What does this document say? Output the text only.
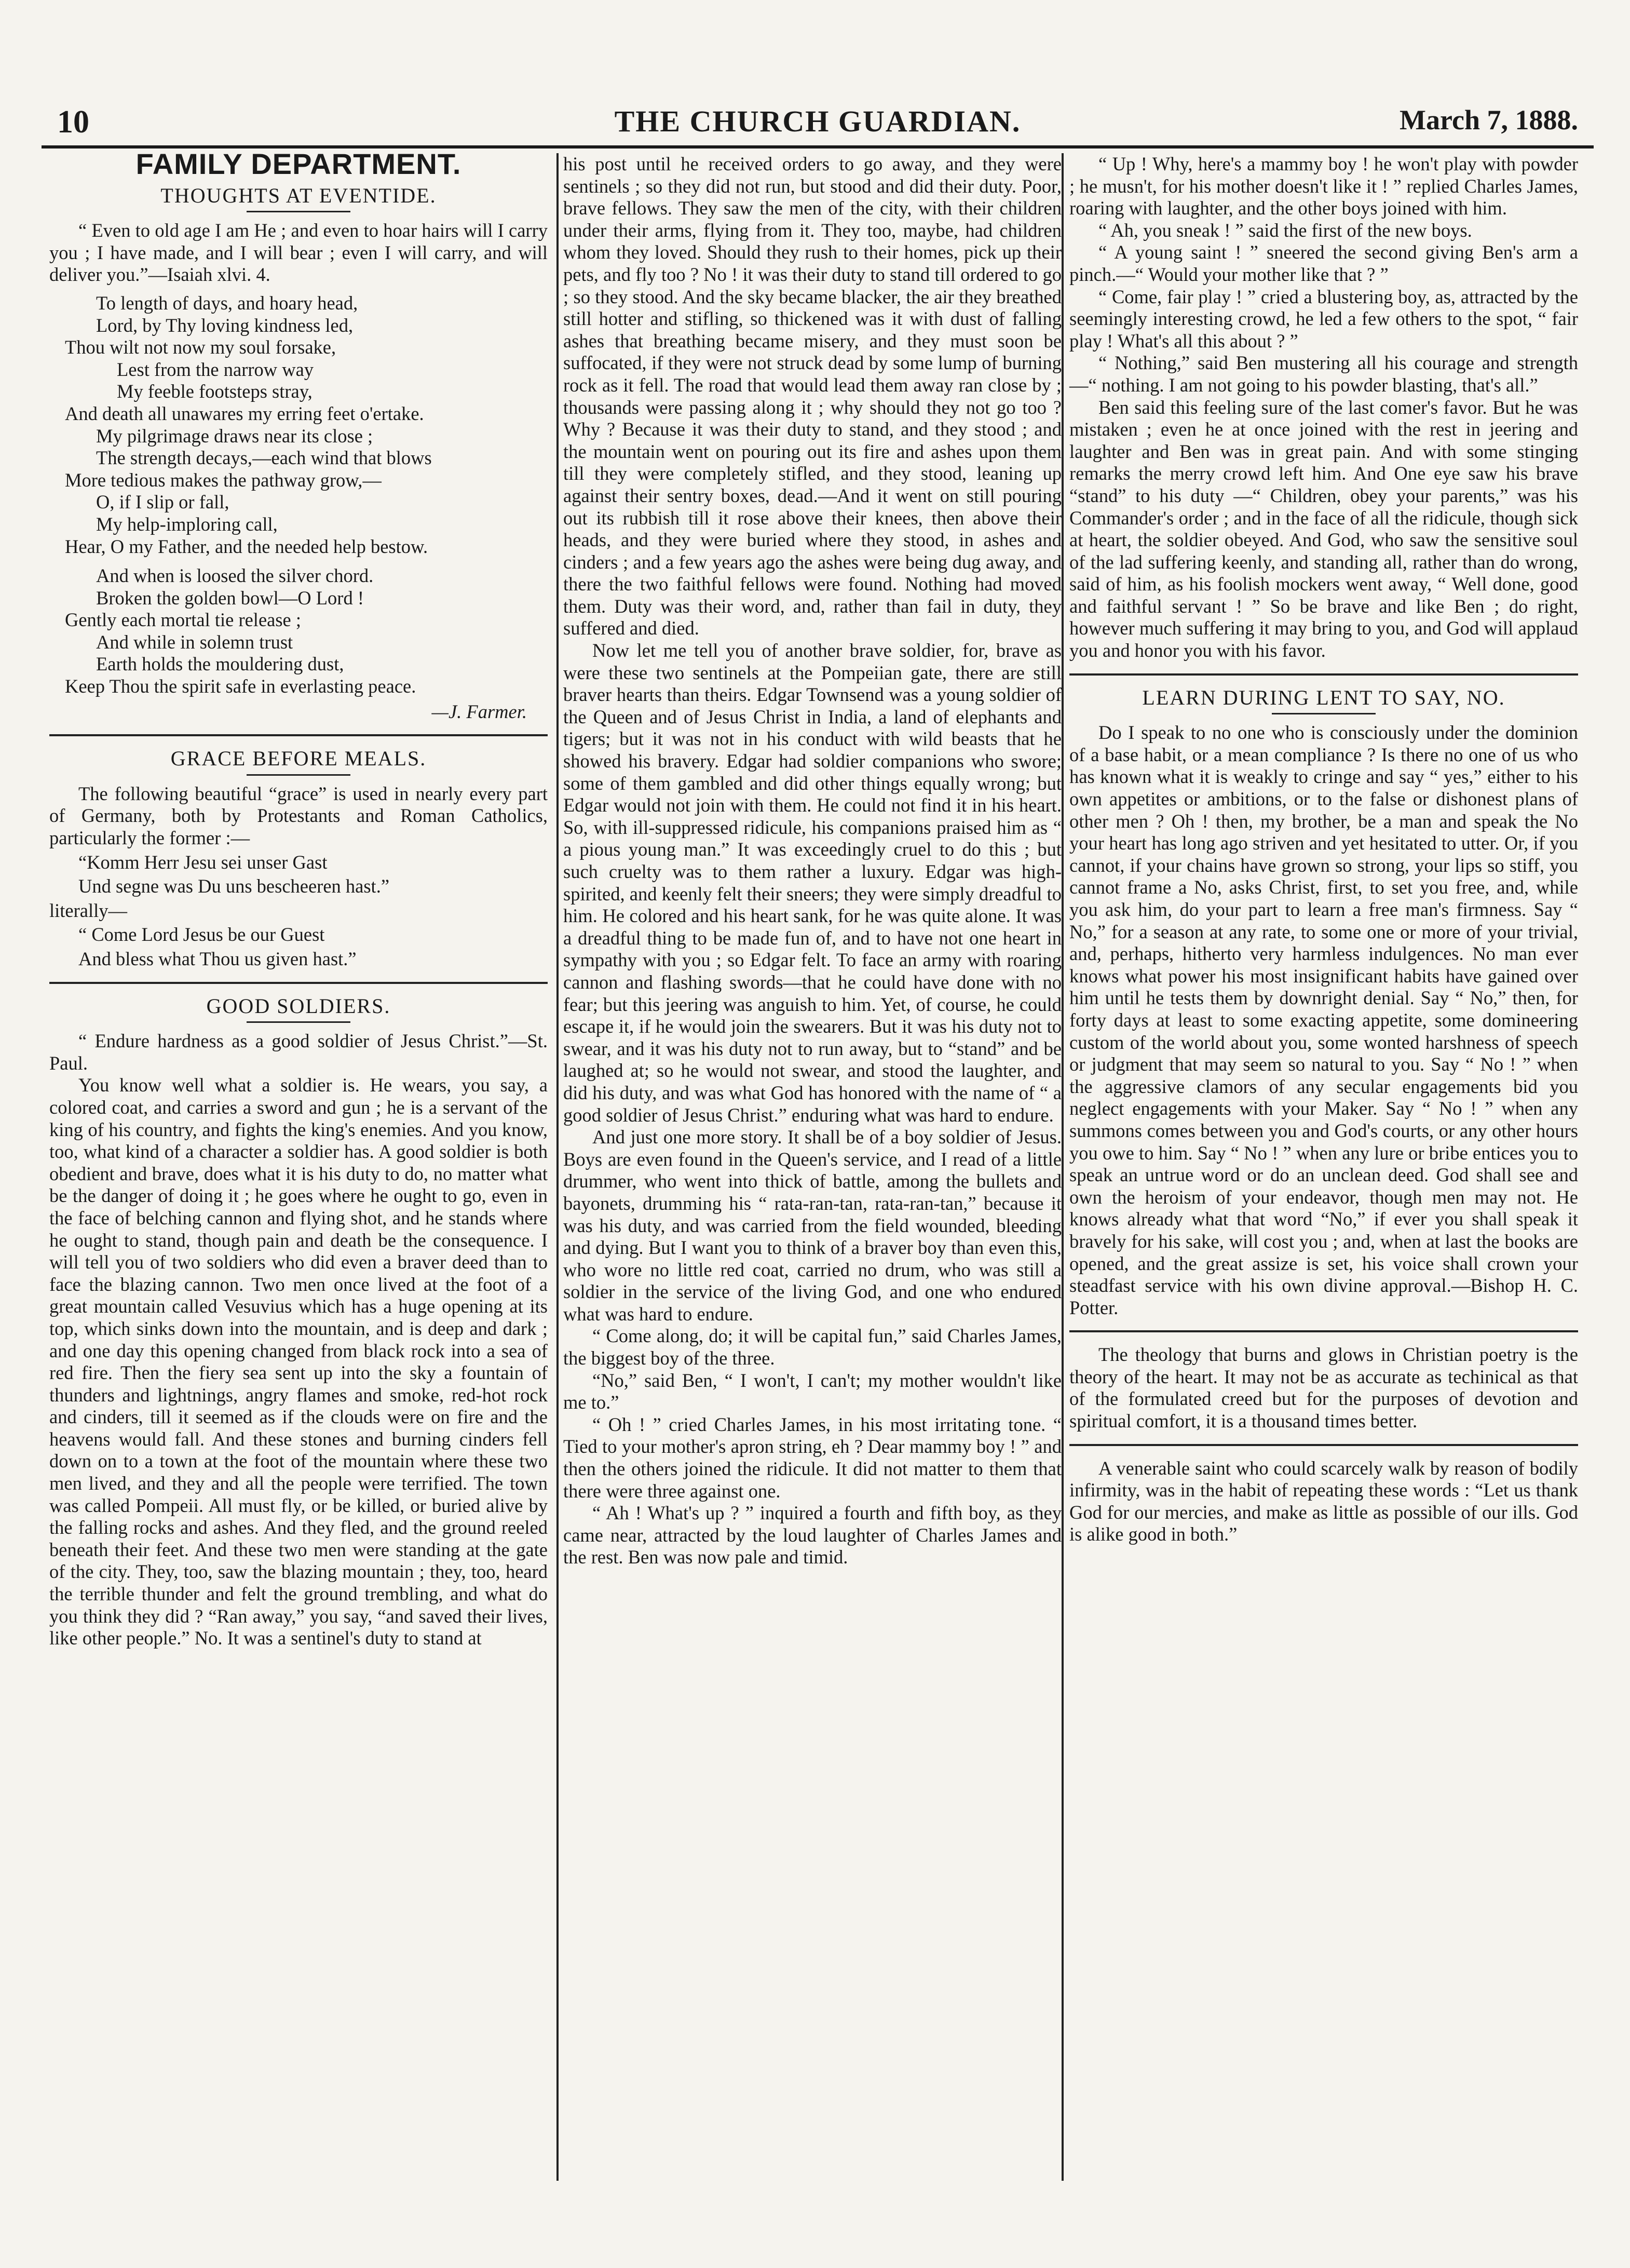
10	THE CHURCH GUARDIAN.	March 7, 1888.
FAMILY DEPARTMENT.
THOUGHTS AT EVENTIDE.

“ Even to old age I am He ; and even to hoar hairs will I carry you ; I have made, and I will bear ; even I will carry, and will deliver you.”—Isaiah xlvi. 4.

To length of days, and hoary head,
Lord, by Thy loving kindness led,
Thou wilt not now my soul forsake,
Lest from the narrow way
My feeble footsteps stray,
And death all unawares my erring feet o'ertake.
My pilgrimage draws near its close ;
The strength decays,—each wind that blows
More tedious makes the pathway grow,—
O, if I slip or fall,
My help-imploring call,
Hear, O my Father, and the needed help bestow.
And when is loosed the silver chord.
Broken the golden bowl—O Lord !
Gently each mortal tie release ;
And while in solemn trust
Earth holds the mouldering dust,
Keep Thou the spirit safe in everlasting peace.
—J. Farmer.
GRACE BEFORE MEALS.

The following beautiful “grace” is used in nearly every part of Germany, both by Protestants and Roman Catholics, particularly the former :—

“Komm Herr Jesu sei unser Gast
Und segne was Du uns bescheeren hast.”

literally—

“ Come Lord Jesus be our Guest
And bless what Thou us given hast.”
GOOD SOLDIERS.

“ Endure hardness as a good soldier of Jesus Christ.”—St. Paul.

You know well what a soldier is. He wears, you say, a colored coat, and carries a sword and gun ; he is a servant of the king of his country, and fights the king's enemies. And you know, too, what kind of a character a soldier has. A good soldier is both obedient and brave, does what it is his duty to do, no matter what be the danger of doing it ; he goes where he ought to go, even in the face of belching cannon and flying shot, and he stands where he ought to stand, though pain and death be the consequence. I will tell you of two soldiers who did even a braver deed than to face the blazing cannon. Two men once lived at the foot of a great mountain called Vesuvius which has a huge opening at its top, which sinks down into the mountain, and is deep and dark ; and one day this opening changed from black rock into a sea of red fire. Then the fiery sea sent up into the sky a fountain of thunders and lightnings, angry flames and smoke, red-hot rock and cinders, till it seemed as if the clouds were on fire and the heavens would fall. And these stones and burning cinders fell down on to a town at the foot of the mountain where these two men lived, and they and all the people were terrified. The town was called Pompeii. All must fly, or be killed, or buried alive by the falling rocks and ashes. And they fled, and the ground reeled beneath their feet. And these two men were standing at the gate of the city. They, too, saw the blazing mountain ; they, too, heard the terrible thunder and felt the ground trembling, and what do you think they did ? “Ran away,” you say, “and saved their lives, like other people.” No. It was a sentinel's duty to stand at

his post until he received orders to go away, and they were sentinels ; so they did not run, but stood and did their duty. Poor, brave fellows. They saw the men of the city, with their children under their arms, flying from it. They too, maybe, had children whom they loved. Should they rush to their homes, pick up their pets, and fly too ? No ! it was their duty to stand till ordered to go ; so they stood. And the sky became blacker, the air they breathed still hotter and stifling, so thickened was it with dust of falling ashes that breathing became misery, and they must soon be suffocated, if they were not struck dead by some lump of burning rock as it fell. The road that would lead them away ran close by ; thousands were passing along it ; why should they not go too ? Why ? Because it was their duty to stand, and they stood ; and the mountain went on pouring out its fire and ashes upon them till they were completely stifled, and they stood, leaning up against their sentry boxes, dead.—And it went on still pouring out its rubbish till it rose above their knees, then above their heads, and they were buried where they stood, in ashes and cinders ; and a few years ago the ashes were being dug away, and there the two faithful fellows were found. Nothing had moved them. Duty was their word, and, rather than fail in duty, they suffered and died.

Now let me tell you of another brave soldier, for, brave as were these two sentinels at the Pompeiian gate, there are still braver hearts than theirs. Edgar Townsend was a young soldier of the Queen and of Jesus Christ in India, a land of elephants and tigers; but it was not in his conduct with wild beasts that he showed his bravery. Edgar had soldier companions who swore; some of them gambled and did other things equally wrong; but Edgar would not join with them. He could not find it in his heart. So, with ill-suppressed ridicule, his companions praised him as “ a pious young man.” It was exceedingly cruel to do this ; but such cruelty was to them rather a luxury. Edgar was high-spirited, and keenly felt their sneers; they were simply dreadful to him. He colored and his heart sank, for he was quite alone. It was a dreadful thing to be made fun of, and to have not one heart in sympathy with you ; so Edgar felt. To face an army with roaring cannon and flashing swords—that he could have done with no fear; but this jeering was anguish to him. Yet, of course, he could escape it, if he would join the swearers. But it was his duty not to swear, and it was his duty not to run away, but to “stand” and be laughed at; so he would not swear, and stood the laughter, and did his duty, and was what God has honored with the name of “ a good soldier of Jesus Christ.” enduring what was hard to endure.

And just one more story. It shall be of a boy soldier of Jesus. Boys are even found in the Queen's service, and I read of a little drummer, who went into thick of battle, among the bullets and bayonets, drumming his “ rata-ran-tan, rata-ran-tan,” because it was his duty, and was carried from the field wounded, bleeding and dying. But I want you to think of a braver boy than even this, who wore no little red coat, carried no drum, who was still a soldier in the service of the living God, and one who endured what was hard to endure.

“ Come along, do; it will be capital fun,” said Charles James, the biggest boy of the three.

“No,” said Ben, “ I won't, I can't; my mother wouldn't like me to.”

“ Oh ! ” cried Charles James, in his most irritating tone. “ Tied to your mother's apron string, eh ? Dear mammy boy ! ” and then the others joined the ridicule. It did not matter to them that there were three against one.

“ Ah ! What's up ? ” inquired a fourth and fifth boy, as they came near, attracted by the loud laughter of Charles James and the rest. Ben was now pale and timid.

“ Up ! Why, here's a mammy boy ! he won't play with powder ; he musn't, for his mother doesn't like it ! ” replied Charles James, roaring with laughter, and the other boys joined with him.

“ Ah, you sneak ! ” said the first of the new boys.

“ A young saint ! ” sneered the second giving Ben's arm a pinch.—“ Would your mother like that ? ”

“ Come, fair play ! ” cried a blustering boy, as, attracted by the seemingly interesting crowd, he led a few others to the spot, “ fair play ! What's all this about ? ”

“ Nothing,” said Ben mustering all his courage and strength—“ nothing. I am not going to his powder blasting, that's all.”

Ben said this feeling sure of the last comer's favor. But he was mistaken ; even he at once joined with the rest in jeering and laughter and Ben was in great pain. And with some stinging remarks the merry crowd left him. And One eye saw his brave “stand” to his duty —“ Children, obey your parents,” was his Commander's order ; and in the face of all the ridicule, though sick at heart, the soldier obeyed. And God, who saw the sensitive soul of the lad suffering keenly, and standing all, rather than do wrong, said of him, as his foolish mockers went away, “ Well done, good and faithful servant ! ” So be brave and like Ben ; do right, however much suffering it may bring to you, and God will applaud you and honor you with his favor.

LEARN DURING LENT TO SAY, NO.

Do I speak to no one who is consciously under the dominion of a base habit, or a mean compliance ? Is there no one of us who has known what it is weakly to cringe and say “ yes,” either to his own appetites or ambitions, or to the false or dishonest plans of other men ? Oh ! then, my brother, be a man and speak the No your heart has long ago striven and yet hesitated to utter. Or, if you cannot, if your chains have grown so strong, your lips so stiff, you cannot frame a No, asks Christ, first, to set you free, and, while you ask him, do your part to learn a free man's firmness. Say “ No,” for a season at any rate, to some one or more of your trivial, and, perhaps, hitherto very harmless indulgences. No man ever knows what power his most insignificant habits have gained over him until he tests them by downright denial. Say “ No,” then, for forty days at least to some exacting appetite, some domineering custom of the world about you, some wonted harshness of speech or judgment that may seem so natural to you. Say “ No ! ” when the aggressive clamors of any secular engagements bid you neglect engagements with your Maker. Say “ No ! ” when any summons comes between you and God's courts, or any other hours you owe to him. Say “ No ! ” when any lure or bribe entices you to speak an untrue word or do an unclean deed. God shall see and own the heroism of your endeavor, though men may not. He knows already what that word “No,” if ever you shall speak it bravely for his sake, will cost you ; and, when at last the books are opened, and the great assize is set, his voice shall crown your steadfast service with his own divine approval.—Bishop H. C. Potter.

The theology that burns and glows in Christian poetry is the theory of the heart. It may not be as accurate as techinical as that of the formulated creed but for the purposes of devotion and spiritual comfort, it is a thousand times better.

A venerable saint who could scarcely walk by reason of bodily infirmity, was in the habit of repeating these words : “Let us thank God for our mercies, and make as little as possible of our ills. God is alike good in both.”
